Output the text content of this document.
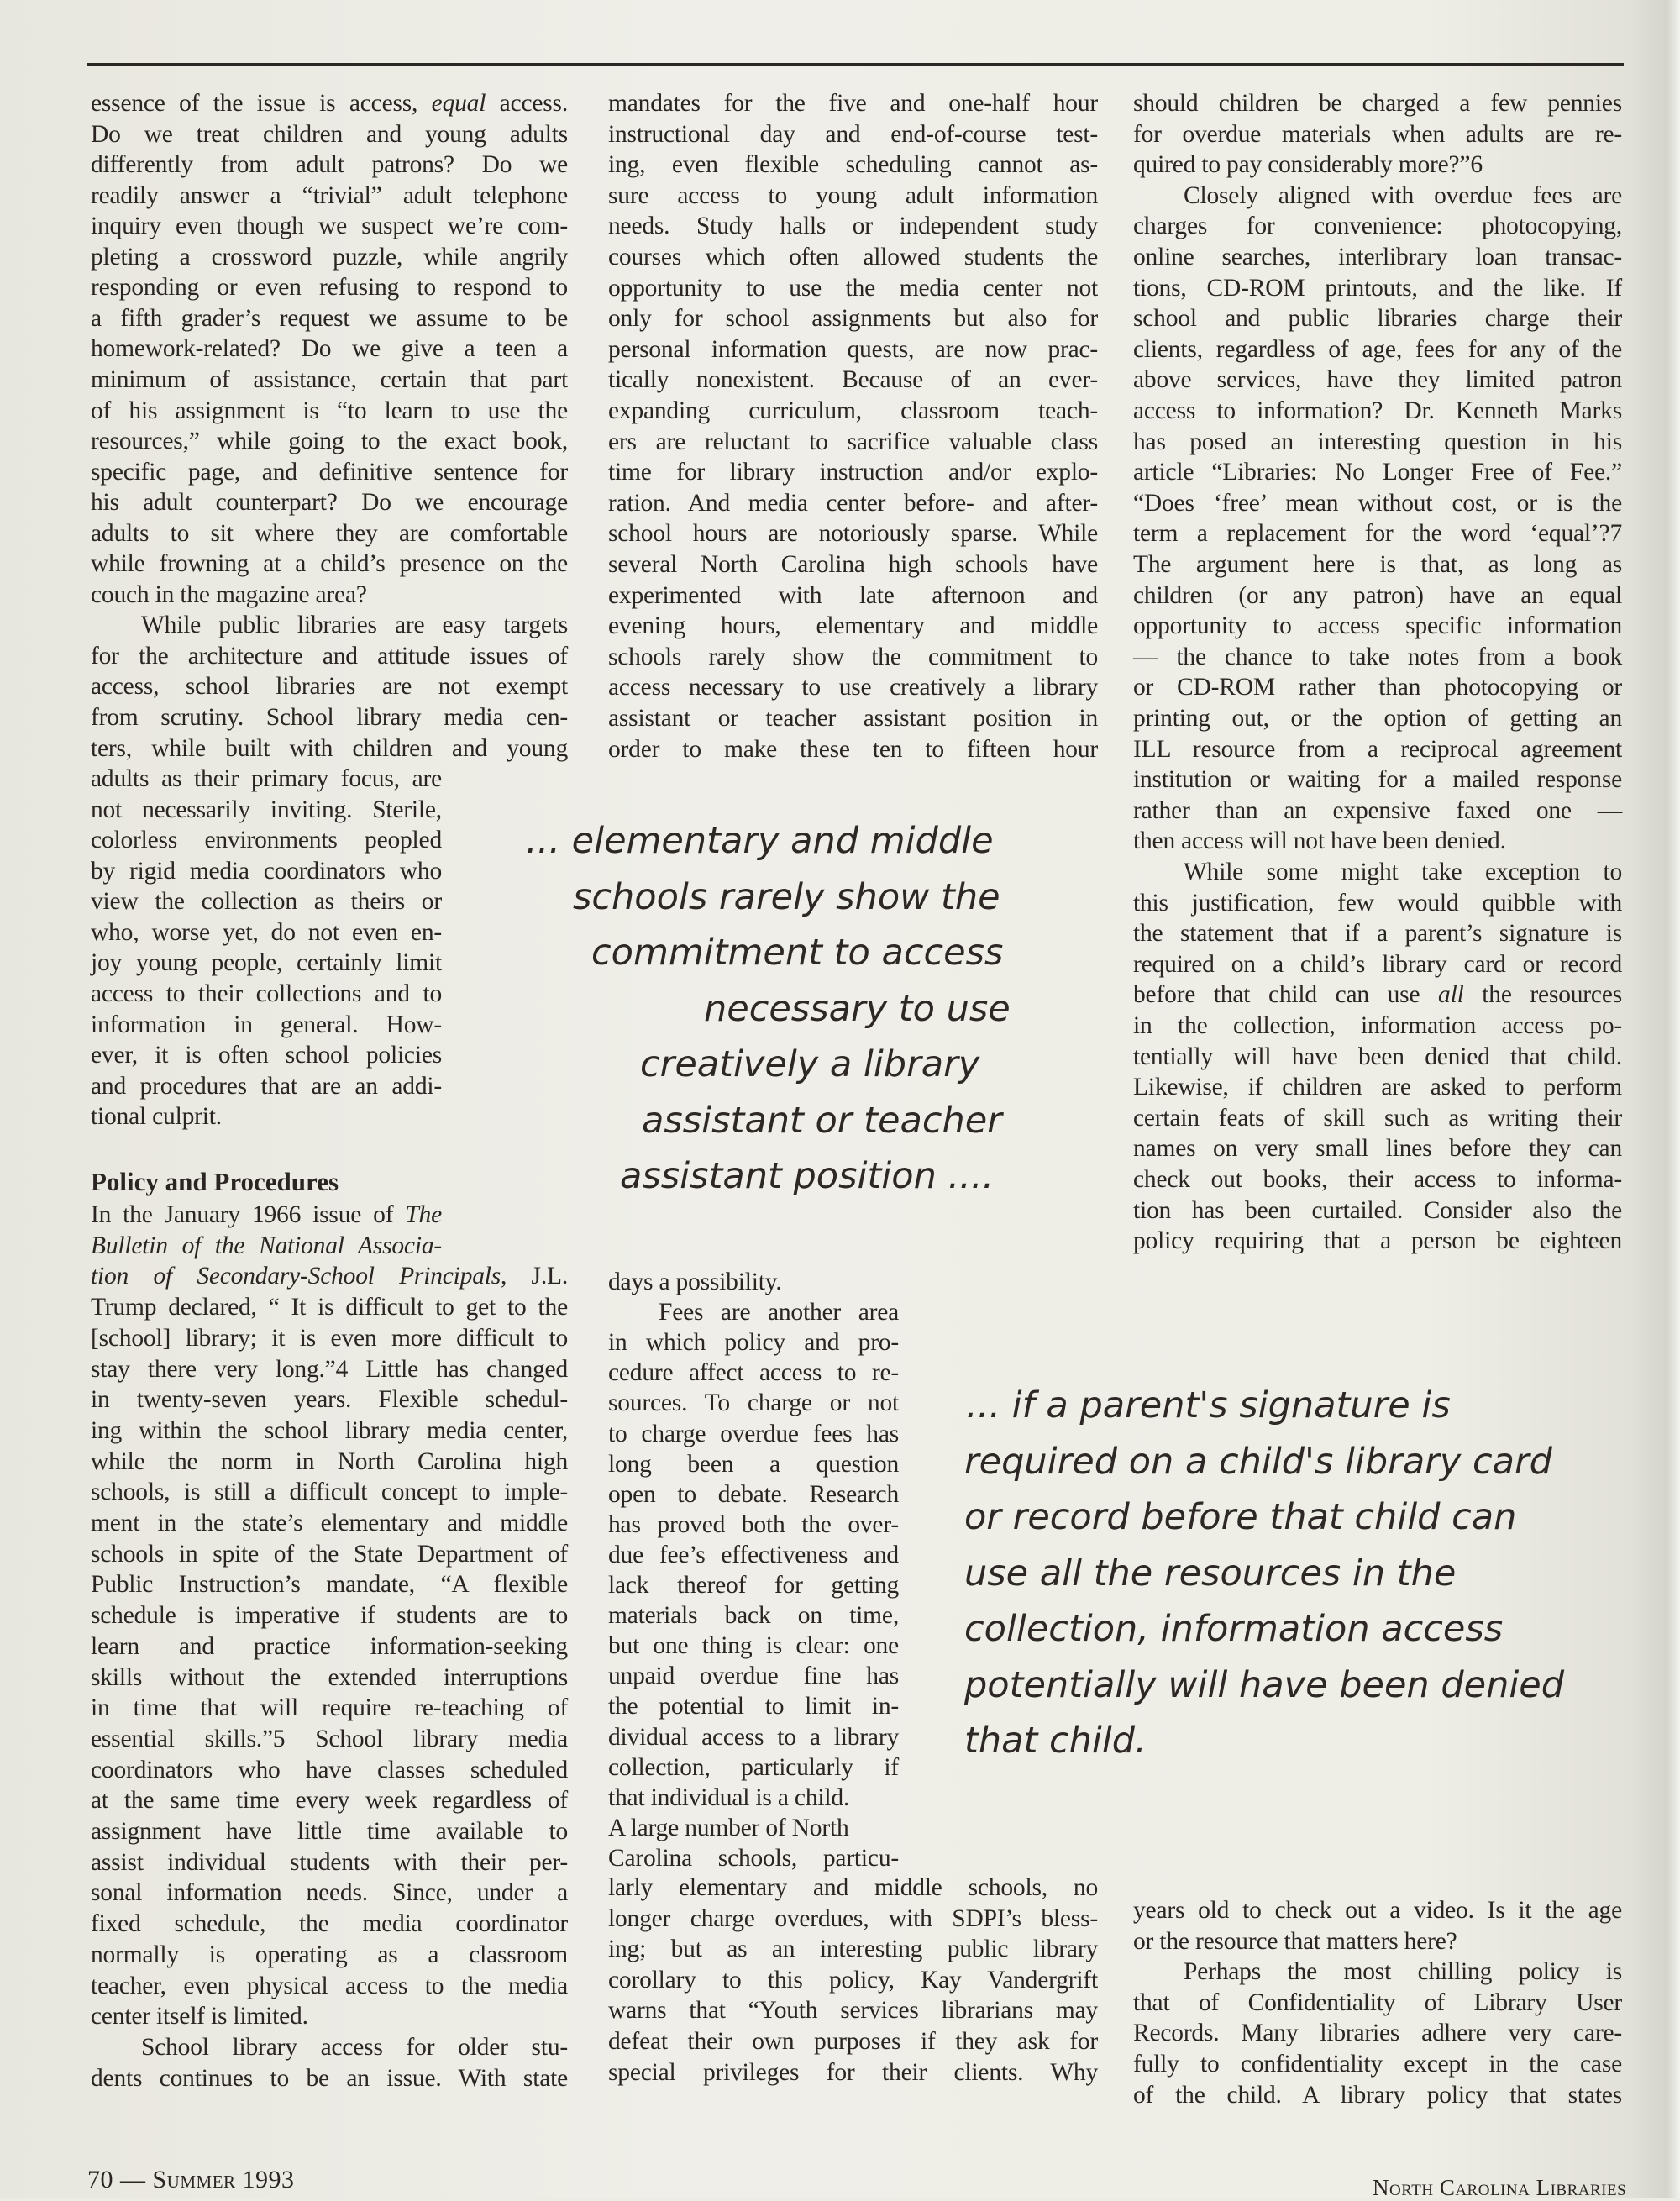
essence of the issue is access, equal access.
Do we treat children and young adults
differently from adult patrons? Do we
readily answer a “trivial” adult telephone
inquiry even though we suspect we’re com-
pleting a crossword puzzle, while angrily
responding or even refusing to respond to
a fifth grader’s request we assume to be
homework-related? Do we give a teen a
minimum of assistance, certain that part
of his assignment is “to learn to use the
resources,” while going to the exact book,
specific page, and definitive sentence for
his adult counterpart? Do we encourage
adults to sit where they are comfortable
while frowning at a child’s presence on the
couch in the magazine area?
While public libraries are easy targets
for the architecture and attitude issues of
access, school libraries are not exempt
from scrutiny. School library media cen-
ters, while built with children and young
adults as their primary focus, are
not necessarily inviting. Sterile,
colorless environments peopled
by rigid media coordinators who
view the collection as theirs or
who, worse yet, do not even en-
joy young people, certainly limit
access to their collections and to
information in general. How-
ever, it is often school policies
and procedures that are an addi-
tional culprit.
Policy and Procedures
In the January 1966 issue of The
Bulletin of the National Associa-
tion of Secondary-School Principals, J.L.
Trump declared, “ It is difficult to get to the
[school] library; it is even more difficult to
stay there very long.”4 Little has changed
in twenty-seven years. Flexible schedul-
ing within the school library media center,
while the norm in North Carolina high
schools, is still a difficult concept to imple-
ment in the state’s elementary and middle
schools in spite of the State Department of
Public Instruction’s mandate, “A flexible
schedule is imperative if students are to
learn and practice information-seeking
skills without the extended interruptions
in time that will require re-teaching of
essential skills.”5 School library media
coordinators who have classes scheduled
at the same time every week regardless of
assignment have little time available to
assist individual students with their per-
sonal information needs. Since, under a
fixed schedule, the media coordinator
normally is operating as a classroom
teacher, even physical access to the media
center itself is limited.
School library access for older stu-
dents continues to be an issue. With state
mandates for the five and one-half hour
instructional day and end-of-course test-
ing, even flexible scheduling cannot as-
sure access to young adult information
needs. Study halls or independent study
courses which often allowed students the
opportunity to use the media center not
only for school assignments but also for
personal information quests, are now prac-
tically nonexistent. Because of an ever-
expanding curriculum, classroom teach-
ers are reluctant to sacrifice valuable class
time for library instruction and/or explo-
ration. And media center before- and after-
school hours are notoriously sparse. While
several North Carolina high schools have
experimented with late afternoon and
evening hours, elementary and middle
schools rarely show the commitment to
access necessary to use creatively a library
assistant or teacher assistant position in
order to make these ten to fifteen hour
days a possibility.
Fees are another area
in which policy and pro-
cedure affect access to re-
sources. To charge or not
to charge overdue fees has
long been a question
open to debate. Research
has proved both the over-
due fee’s effectiveness and
lack thereof for getting
materials back on time,
but one thing is clear: one
unpaid overdue fine has
the potential to limit in-
dividual access to a library
collection, particularly if
that individual is a child.
A large number of North
Carolina schools, particu-
larly elementary and middle schools, no
longer charge overdues, with SDPI’s bless-
ing; but as an interesting public library
corollary to this policy, Kay Vandergrift
warns that “Youth services librarians may
defeat their own purposes if they ask for
special privileges for their clients. Why
should children be charged a few pennies
for overdue materials when adults are re-
quired to pay considerably more?”6
Closely aligned with overdue fees are
charges for convenience: photocopying,
online searches, interlibrary loan transac-
tions, CD-ROM printouts, and the like. If
school and public libraries charge their
clients, regardless of age, fees for any of the
above services, have they limited patron
access to information? Dr. Kenneth Marks
has posed an interesting question in his
article “Libraries: No Longer Free of Fee.”
“Does ‘free’ mean without cost, or is the
term a replacement for the word ‘equal’?7
The argument here is that, as long as
children (or any patron) have an equal
opportunity to access specific information
— the chance to take notes from a book
or CD-ROM rather than photocopying or
printing out, or the option of getting an
ILL resource from a reciprocal agreement
institution or waiting for a mailed response
rather than an expensive faxed one —
then access will not have been denied.
While some might take exception to
this justification, few would quibble with
the statement that if a parent’s signature is
required on a child’s library card or record
before that child can use all the resources
in the collection, information access po-
tentially will have been denied that child.
Likewise, if children are asked to perform
certain feats of skill such as writing their
names on very small lines before they can
check out books, their access to informa-
tion has been curtailed. Consider also the
policy requiring that a person be eighteen
years old to check out a video. Is it the age
or the resource that matters here?
Perhaps the most chilling policy is
that of Confidentiality of Library User
Records. Many libraries adhere very care-
fully to confidentiality except in the case
of the child. A library policy that states
... elementary and middle
schools rarely show the
commitment to access
necessary to use
creatively a library
assistant or teacher
assistant position ....
... if a parent's signature is
required on a child's library card
or record before that child can
use all the resources in the
collection, information access
potentially will have been denied
that child.
70 — Summer 1993	North Carolina Libraries
